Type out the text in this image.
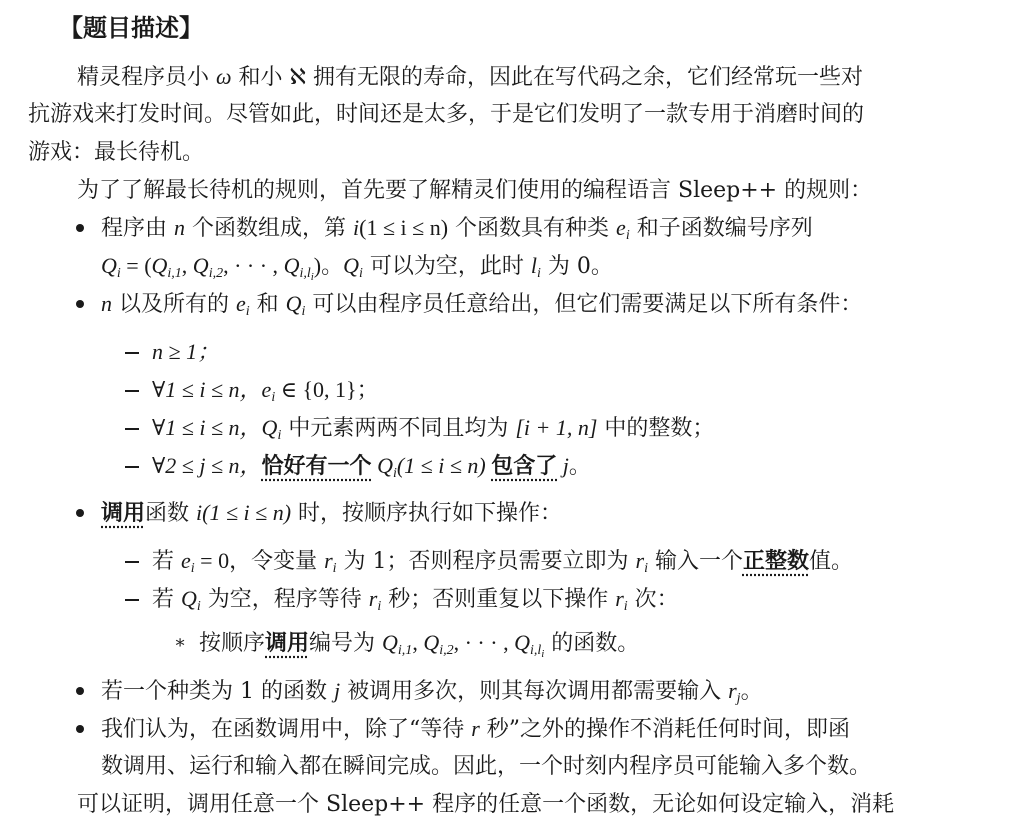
【题目描述】
精灵程序员小 ω 和小 ℵ 拥有无限的寿命，因此在写代码之余，它们经常玩一些对
抗游戏来打发时间。尽管如此，时间还是太多，于是它们发明了一款专用于消磨时间的
游戏：最长待机。
为了了解最长待机的规则，首先要了解精灵们使用的编程语言 Sleep++ 的规则：
程序由 n 个函数组成，第 i(1 ≤ i ≤ n) 个函数具有种类 $e_i$ 和子函数编号序列
$Q_i = (Q_{i,1}$, $Q_{i,2}$, · · · , $Q_{i,l_i}$)。$Q_i$ 可以为空，此时 $l_i$ 为 0。
n 以及所有的 $e_i$ 和 $Q_i$ 可以由程序员任意给出，但它们需要满足以下所有条件：
n ≥ 1；
∀1 ≤ i ≤ n，$e_i$ ∈ {0, 1}；
∀1 ≤ i ≤ n，$Q_i$ 中元素两两不同且均为 [i + 1, n] 中的整数；
∀2 ≤ j ≤ n，恰好有一个 $Q_i(1 \le i \le n)$ 包含了 j。
调用函数 i(1 ≤ i ≤ n) 时，按顺序执行如下操作：
若 $e_i = 0$，令变量 $r_i$ 为 1；否则程序员需要立即为 $r_i$ 输入一个正整数值。
若 $Q_i$ 为空，程序等待 $r_i$ 秒；否则重复以下操作 $r_i$ 次：
∗ 按顺序调用编号为 $Q_{i,1}$, $Q_{i,2}$, · · · , $Q_{i,l_i}$ 的函数。
若一个种类为 1 的函数 j 被调用多次，则其每次调用都需要输入 $r_j$。
我们认为，在函数调用中，除了“等待 r 秒”之外的操作不消耗任何时间，即函
数调用、运行和输入都在瞬间完成。因此，一个时刻内程序员可能输入多个数。
可以证明，调用任意一个 Sleep++ 程序的任意一个函数，无论如何设定输入，消耗
